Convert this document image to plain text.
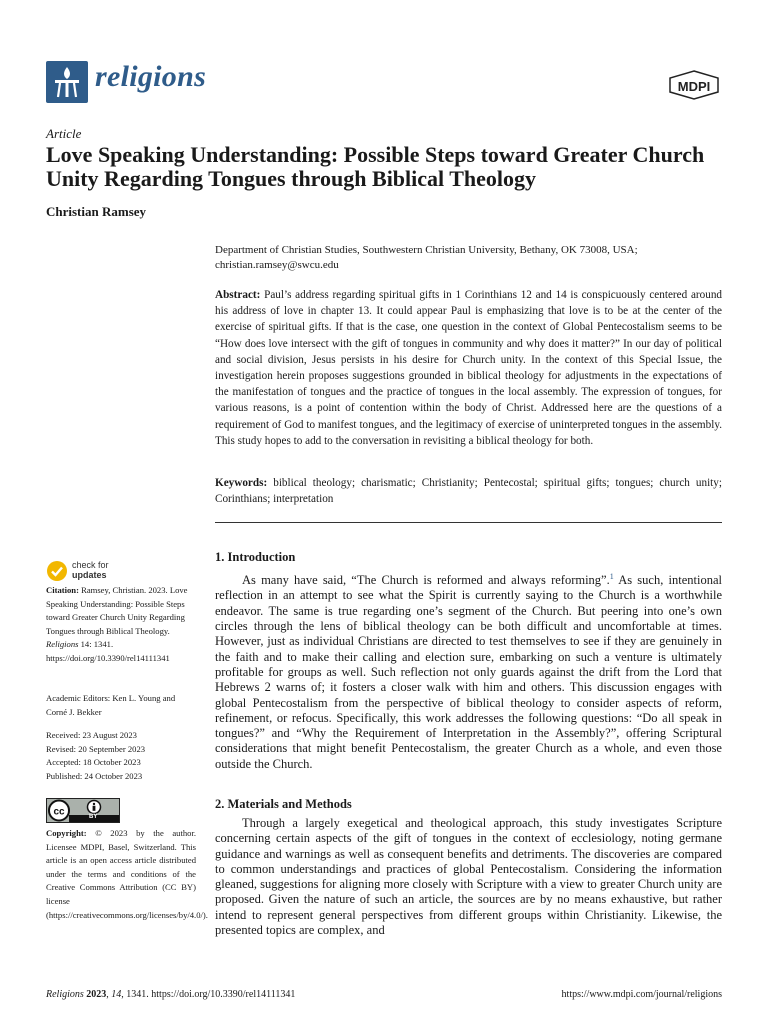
religions	MDPI
Article
Love Speaking Understanding: Possible Steps toward Greater Church Unity Regarding Tongues through Biblical Theology
Christian Ramsey
Department of Christian Studies, Southwestern Christian University, Bethany, OK 73008, USA;
christian.ramsey@swcu.edu

Abstract: Paul’s address regarding spiritual gifts in 1 Corinthians 12 and 14 is conspicuously centered around his address of love in chapter 13. It could appear Paul is emphasizing that love is to be at the center of the exercise of spiritual gifts. If that is the case, one question in the context of Global Pentecostalism seems to be “How does love intersect with the gift of tongues in community and why does it matter?” In our day of political and social division, Jesus persists in his desire for Church unity. In the context of this Special Issue, the investigation herein proposes suggestions grounded in biblical theology for adjustments in the expectations of the manifestation of tongues and the practice of tongues in the local assembly. The expression of tongues, for various reasons, is a point of contention within the body of Christ. Addressed here are the questions of a requirement of God to manifest tongues, and the legitimacy of exercise of uninterpreted tongues in the assembly. This study hopes to add to the conversation in revisiting a biblical theology for both.

Keywords: biblical theology; charismatic; Christianity; Pentecostal; spiritual gifts; tongues; church unity; Corinthians; interpretation

check for
updates
Citation: Ramsey, Christian. 2023. Love Speaking Understanding: Possible Steps toward Greater Church Unity Regarding Tongues through Biblical Theology. Religions 14: 1341. https://doi.org/10.3390/rel14111341
Academic Editors: Ken L. Young and Corné J. Bekker
Received: 23 August 2023
Revised: 20 September 2023
Accepted: 18 October 2023
Published: 24 October 2023
cc	BY
Copyright: © 2023 by the author. Licensee MDPI, Basel, Switzerland. This article is an open access article distributed under the terms and conditions of the Creative Commons Attribution (CC BY) license (https://creativecommons.org/licenses/by/4.0/).
1. Introduction

As many have said, “The Church is reformed and always reforming”.$^1$ As such, intentional reflection in an attempt to see what the Spirit is currently saying to the Church is a worthwhile endeavor. The same is true regarding one’s segment of the Church. But peering into one’s own circles through the lens of biblical theology can be both difficult and uncomfortable at times. However, just as individual Christians are directed to test themselves to see if they are genuinely in the faith and to make their calling and election sure, embarking on such a venture is ultimately profitable for groups as well. Such reflection not only guards against the drift from the Lord that Hebrews 2 warns of; it fosters a closer walk with him and others. This discussion engages with global Pentecostalism from the perspective of biblical theology to consider aspects of reform, refinement, or refocus. Specifically, this work addresses the following questions: “Do all speak in tongues?” and “Why the Requirement of Interpretation in the Assembly?”, offering Scriptural considerations that might benefit Pentecostalism, the greater Church as a whole, and even those outside the Church.

2. Materials and Methods

Through a largely exegetical and theological approach, this study investigates Scripture concerning certain aspects of the gift of tongues in the context of ecclesiology, noting germane guidance and warnings as well as consequent benefits and detriments. The discoveries are compared to common understandings and practices of global Pentecostalism. Considering the information gleaned, suggestions for aligning more closely with Scripture with a view to greater Church unity are proposed. Given the nature of such an article, the sources are by no means exhaustive, but rather intend to represent general perspectives from different groups within Christianity. Likewise, the presented topics are complex, and

Religions 2023, 14, 1341. https://doi.org/10.3390/rel14111341	https://www.mdpi.com/journal/religions
